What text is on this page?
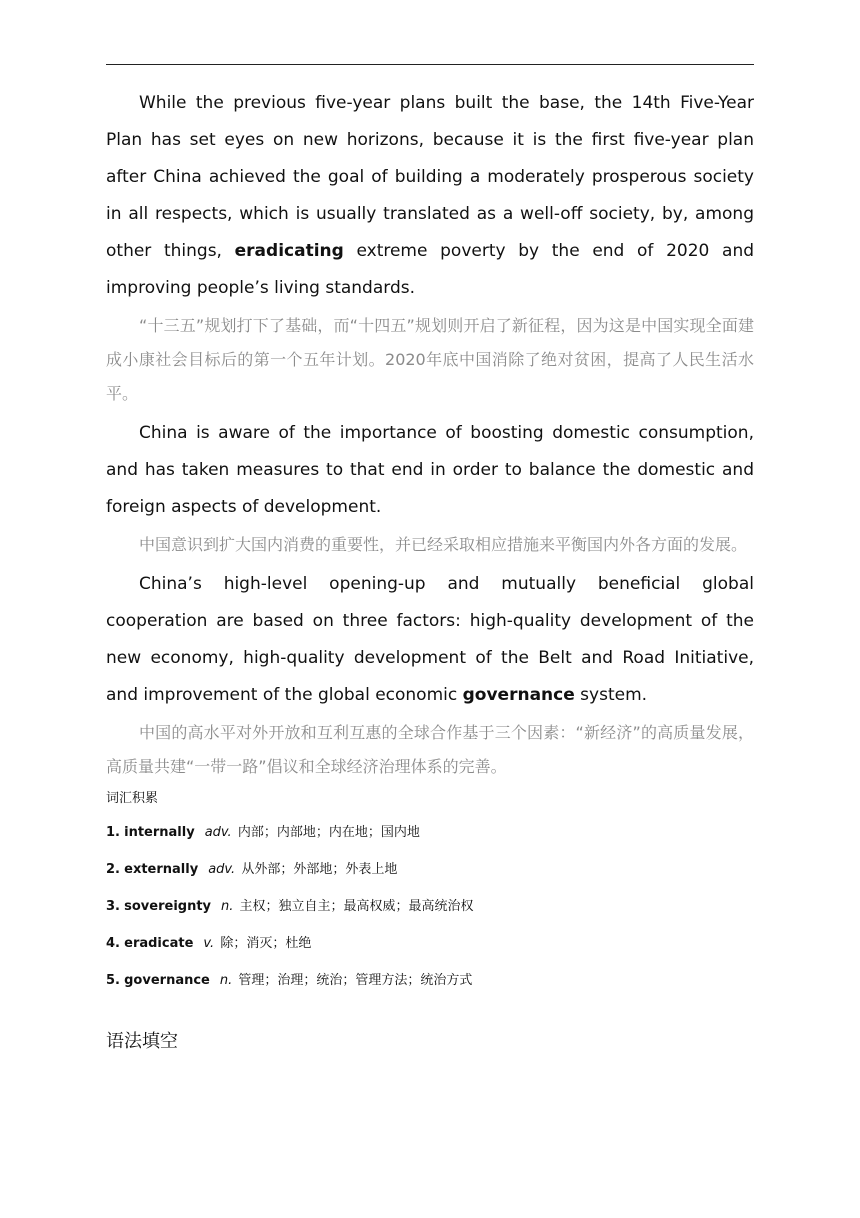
While the previous five-year plans built the base, the 14th Five-Year Plan has set eyes on new horizons, because it is the first five-year plan after China achieved the goal of building a moderately prosperous society in all respects, which is usually translated as a well-off society, by, among other things, eradicating extreme poverty by the end of 2020 and improving people’s living standards.

“十三五”规划打下了基础，而“十四五”规划则开启了新征程，因为这是中国实现全面建成小康社会目标后的第一个五年计划。2020年底中国消除了绝对贫困，提高了人民生活水平。

China is aware of the importance of boosting domestic consumption, and has taken measures to that end in order to balance the domestic and foreign aspects of development.

中国意识到扩大国内消费的重要性，并已经采取相应措施来平衡国内外各方面的发展。

China’s high-level opening-up and mutually beneficial global cooperation are based on three factors: high-quality development of the new economy, high-quality development of the Belt and Road Initiative, and improvement of the global economic governance system.

中国的高水平对外开放和互利互惠的全球合作基于三个因素：“新经济”的高质量发展，高质量共建“一带一路”倡议和全球经济治理体系的完善。

词汇积累
1. internally adv. 内部；内部地；内在地；国内地
2. externally adv. 从外部；外部地；外表上地
3. sovereignty n. 主权；独立自主；最高权威；最高统治权
4. eradicate v. 除；消灭；杜绝
5. governance n. 管理；治理；统治；管理方法；统治方式
语法填空
